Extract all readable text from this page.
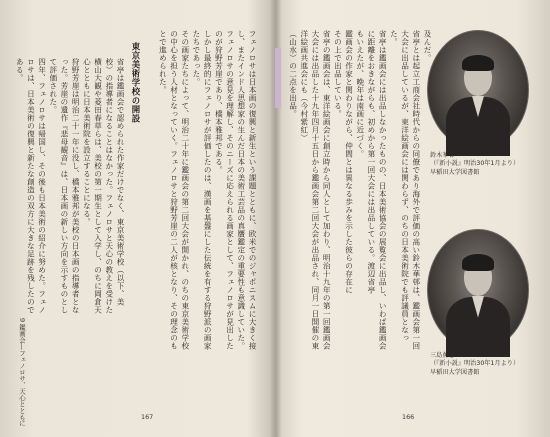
フェノロサは日本画の復興と新生という課題とともに、欧米でのジャポニスムに大きく接し、またインド人思想家の生んだ日本の美術工芸品の真贋鑑定の重要性も意識していた。フェノロサの意見を理解し、そのニーズに応えられる画家として、フェノロサが見出したのが狩野芳崖であり、橋本雅邦である。
しかし最終的にフェノロサが評価したのは、漢画を基盤にした伝統を有する狩野派の画家たちであった。
その画家たちによって、明治二十年に鑑画会の第二回大会が開かれ、のちの東京美術学校の中心を担う人材となっていく。フェノロサと狩野芳崖の二人が核となり、その理念のもとで進められた。
東京美術学校の開設
省亭は鑑画会で認められた作家だけでなく、東京美術学校（以下、美校）の指導者になることはなかった。フェノロサと天心の教えを受けた横山大観や菱田春草らは、美校の第一期生として入学し、のちに岡倉天心とともに日本美術院を設立することになる。
狩野芳崖は明治二十一年に没し、橋本雅邦が美校の日本画の指導者となった。芳崖の遺作『悲母観音』は、日本画の新しい方向を示すものとして評価された。
四年、フェノロサは帰国し、その後も日本美術の紹介に努めた。フェノロサは、日本美術の復興と新たな創造の双方に大きな足跡を残したのである。
9 鑑画会―フェノロサ、天心とともに	167
及んだ。
省亭とは起立工商会社時代からの同僚であり海外で評価の高い鈴木華邨は、鑑画会第一回大会に出品しているが、東洋絵画会には関わらず、のちの日本美術院でも評議員となった。
省亭は鑑画会には出品しなかったものの、日本美術協会の展覧会に出品し、いわば鑑画会に距離をおきながらも、初めから第一回大会には出品している。渡辺省亭
もいえたが、晩年は南画に近づく。
鑑画会の作家と関わりながら、仲間とは異なる歩みを示した彼らの存在に
その上で出品している。
省亭の鑑画会は、東洋絵画会に創立時から同人として加わり、明治十九年の第一回鑑画会大会には出品した十九年四月十五日から鑑画会第二回大会が出品され、同月一日開催の東洋絵画共進会にも（今村紫紅）
（山水）の二点を出品。
鈴木華邨
（『新小説』明治30年1月より）
早稲田大学図書館
三島蕉窓
（『新小説』明治30年1月より）
早稲田大学図書館
166
